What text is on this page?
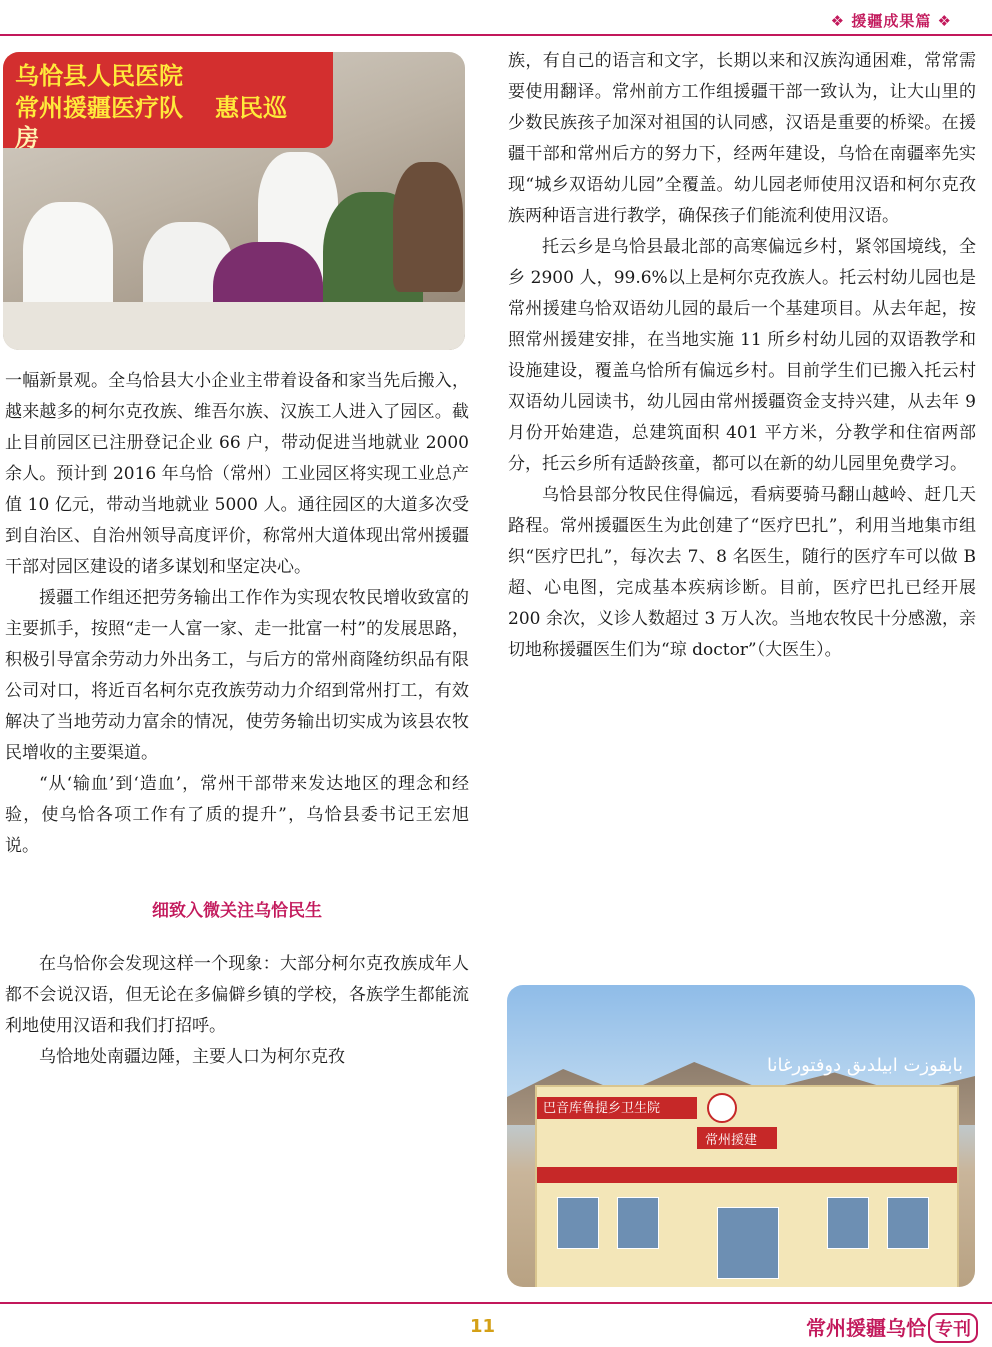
❖ 援疆成果篇 ❖
乌恰县人民医院
常州援疆医疗队 惠民巡
房

一幅新景观。全乌恰县大小企业主带着设备和家当先后搬入，越来越多的柯尔克孜族、维吾尔族、汉族工人进入了园区。截止目前园区已注册登记企业 66 户，带动促进当地就业 2000 余人。预计到 2016 年乌恰（常州）工业园区将实现工业总产值 10 亿元，带动当地就业 5000 人。通往园区的大道多次受到自治区、自治州领导高度评价，称常州大道体现出常州援疆干部对园区建设的诸多谋划和坚定决心。

援疆工作组还把劳务输出工作作为实现农牧民增收致富的主要抓手，按照“走一人富一家、走一批富一村”的发展思路，积极引导富余劳动力外出务工，与后方的常州商隆纺织品有限公司对口，将近百名柯尔克孜族劳动力介绍到常州打工，有效解决了当地劳动力富余的情况，使劳务输出切实成为该县农牧民增收的主要渠道。

“从‘输血’到‘造血’，常州干部带来发达地区的理念和经验，使乌恰各项工作有了质的提升”，乌恰县委书记王宏旭说。

细致入微关注乌恰民生

在乌恰你会发现这样一个现象：大部分柯尔克孜族成年人都不会说汉语，但无论在多偏僻乡镇的学校，各族学生都能流利地使用汉语和我们打招呼。

乌恰地处南疆边陲，主要人口为柯尔克孜

族，有自己的语言和文字，长期以来和汉族沟通困难，常常需要使用翻译。常州前方工作组援疆干部一致认为，让大山里的少数民族孩子加深对祖国的认同感，汉语是重要的桥梁。在援疆干部和常州后方的努力下，经两年建设，乌恰在南疆率先实现“城乡双语幼儿园”全覆盖。幼儿园老师使用汉语和柯尔克孜族两种语言进行教学，确保孩子们能流利使用汉语。

托云乡是乌恰县最北部的高寒偏远乡村，紧邻国境线，全乡 2900 人，99.6%以上是柯尔克孜族人。托云村幼儿园也是常州援建乌恰双语幼儿园的最后一个基建项目。从去年起，按照常州援建安排，在当地实施 11 所乡村幼儿园的双语教学和设施建设，覆盖乌恰所有偏远乡村。目前学生们已搬入托云村双语幼儿园读书，幼儿园由常州援疆资金支持兴建，从去年 9 月份开始建造，总建筑面积 401 平方米，分教学和住宿两部分，托云乡所有适龄孩童，都可以在新的幼儿园里免费学习。

乌恰县部分牧民住得偏远，看病要骑马翻山越岭、赶几天路程。常州援疆医生为此创建了“医疗巴扎”，利用当地集市组织“医疗巴扎”，每次去 7、8 名医生，随行的医疗车可以做 B 超、心电图，完成基本疾病诊断。目前，医疗巴扎已经开展 200 余次，义诊人数超过 3 万人次。当地农牧民十分感激，亲切地称援疆医生们为“琼 doctor”（大医生）。

巴音库鲁提乡卫生院
常州援建
بابقوزت ابيلدىق دوفتورغانا
11	常州援疆乌恰 专刊
